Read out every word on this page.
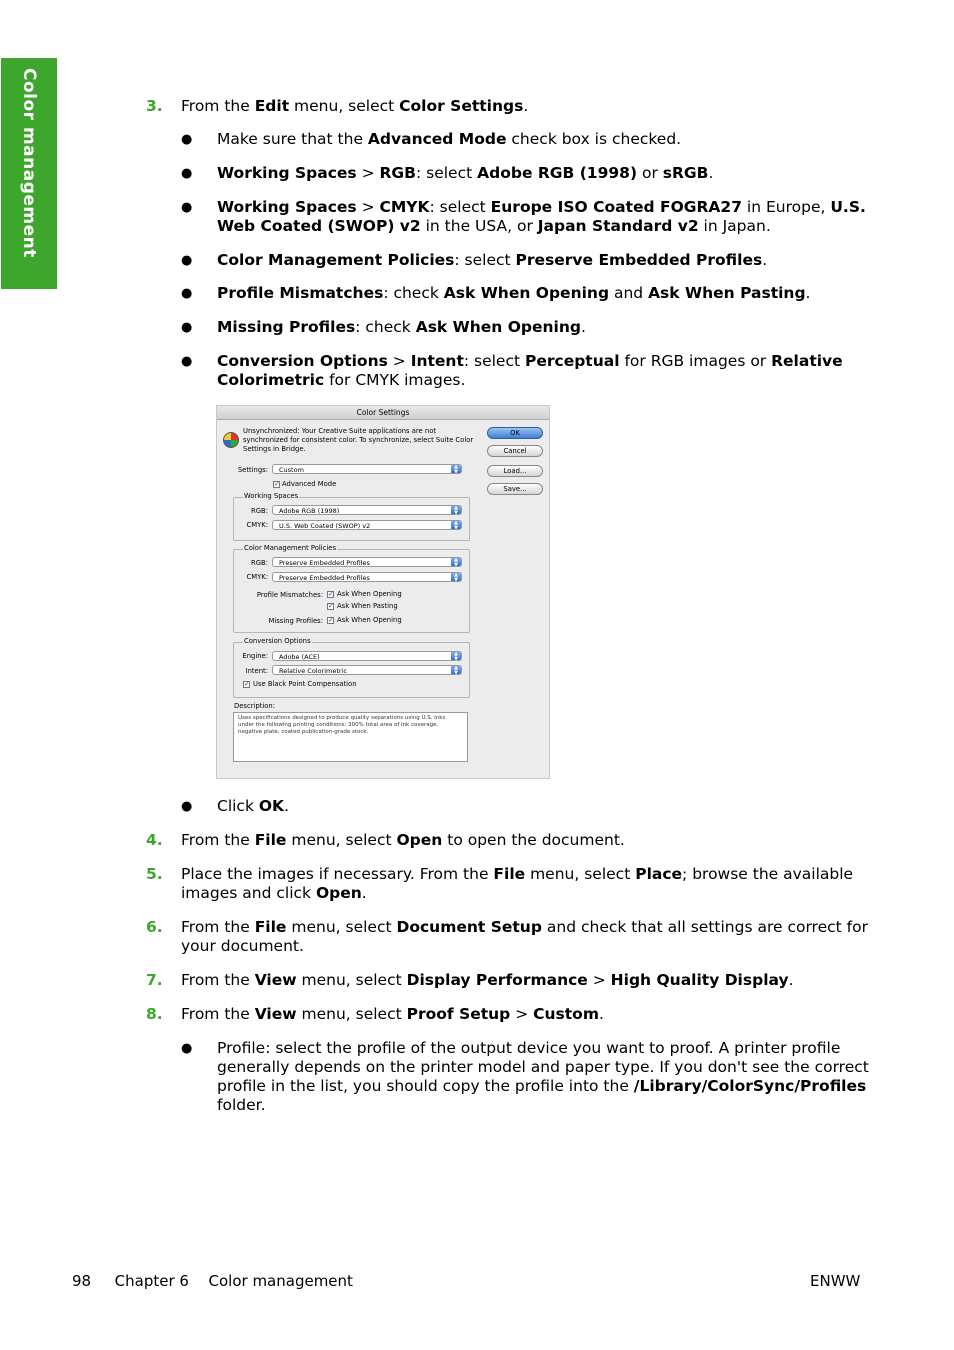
Color management	3. From the Edit menu, select Color Settings.
● Make sure that the Advanced Mode check box is checked.
● Working Spaces > RGB: select Adobe RGB (1998) or sRGB.
● Working Spaces > CMYK: select Europe ISO Coated FOGRA27 in Europe, U.S. Web Coated (SWOP) v2 in the USA, or Japan Standard v2 in Japan.
● Color Management Policies: select Preserve Embedded Profiles.
● Profile Mismatches: check Ask When Opening and Ask When Pasting.
● Missing Profiles: check Ask When Opening.
● Conversion Options > Intent: select Perceptual for RGB images or Relative Colorimetric for CMYK images.
Color Settings
Unsynchronized: Your Creative Suite applications are not synchronized for consistent color. To synchronize, select Suite Color Settings in Bridge.
OK
Cancel
Load...
Save...
Settings:	Custom	▲
▼
✓ Advanced Mode
Working Spaces
RGB:	Adobe RGB (1998)	▲
▼
CMYK:	U.S. Web Coated (SWOP) v2	▲
▼
Color Management Policies
RGB:	Preserve Embedded Profiles	▲
▼
CMYK:	Preserve Embedded Profiles	▲
▼
Profile Mismatches: ✓ Ask When Opening
✓ Ask When Pasting
Missing Profiles: ✓ Ask When Opening
Conversion Options
Engine:	Adobe (ACE)	▲
▼
Intent:	Relative Colorimetric	▲
▼
✓ Use Black Point Compensation
Description:
Uses specifications designed to produce quality separations using U.S. inks under the following printing conditions: 300% total area of ink coverage, negative plate, coated publication-grade stock.
● Click OK.
4. From the File menu, select Open to open the document.
5. Place the images if necessary. From the File menu, select Place; browse the available images and click Open.
6. From the File menu, select Document Setup and check that all settings are correct for your document.
7. From the View menu, select Display Performance > High Quality Display.
8. From the View menu, select Proof Setup > Custom.
● Profile: select the profile of the output device you want to proof. A printer profile generally depends on the printer model and paper type. If you don't see the correct profile in the list, you should copy the profile into the /Library/ColorSync/Profiles folder.
98 Chapter 6 Color management	ENWW
